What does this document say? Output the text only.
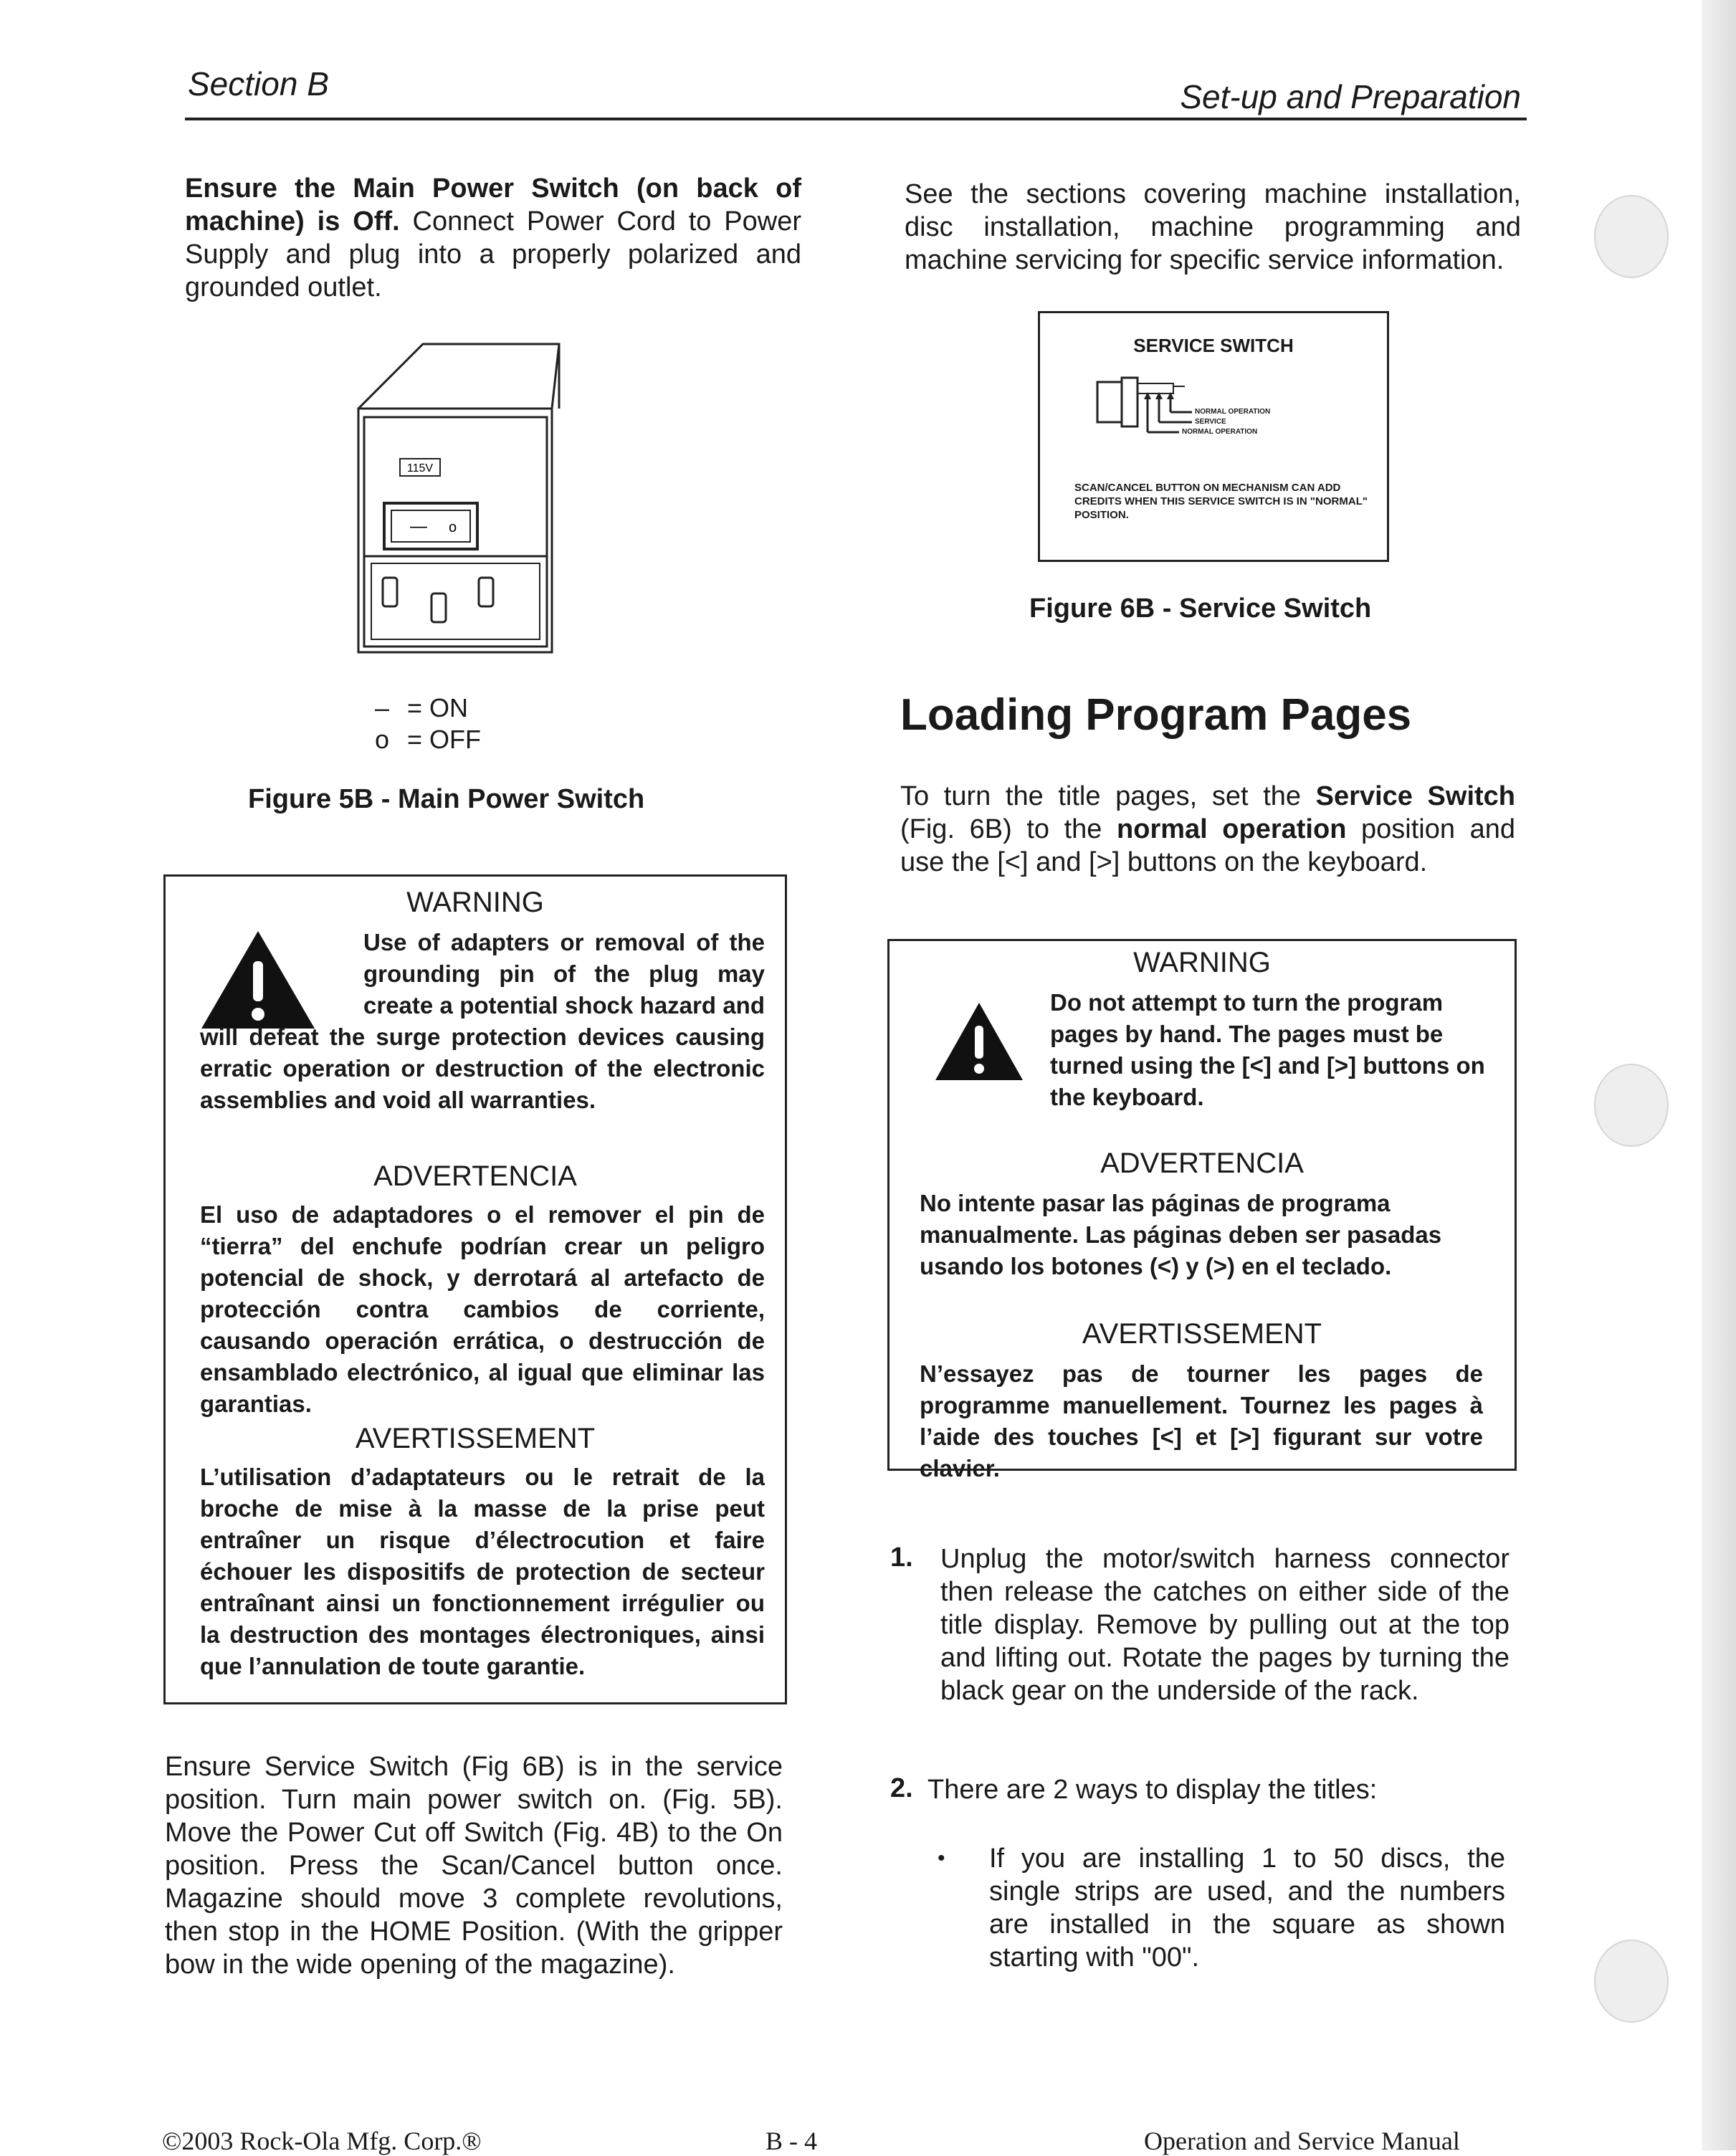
Section B	Set-up and Preparation

Ensure the Main Power Switch (on back of machine) is Off. Connect Power Cord to Power Supply and plug into a properly polarized and grounded outlet.

115V
— o
– = ON
o = OFF
Figure 5B - Main Power Switch
WARNING

Use of adapters or removal of the grounding pin of the plug may create a potential shock hazard and will defeat the surge protection devices causing erratic operation or destruction of the electronic assemblies and void all warranties.

ADVERTENCIA

El uso de adaptadores o el remover el pin de “tierra” del enchufe podrían crear un peligro potencial de shock, y derrotará al artefacto de protección contra cambios de corriente, causando operación errática, o destrucción de ensamblado electrónico, al igual que eliminar las garantias.

AVERTISSEMENT

L’utilisation d’adaptateurs ou le retrait de la broche de mise à la masse de la prise peut entraîner un risque d’électrocution et faire échouer les dispositifs de protection de secteur entraînant ainsi un fonctionnement irrégulier ou la destruction des montages électroniques, ainsi que l’annulation de toute garantie.

Ensure Service Switch (Fig 6B) is in the service position. Turn main power switch on. (Fig. 5B). Move the Power Cut off Switch (Fig. 4B) to the On position. Press the Scan/Cancel button once. Magazine should move 3 complete revolutions, then stop in the HOME Position. (With the gripper bow in the wide opening of the magazine).

See the sections covering machine installation, disc installation, machine programming and machine servicing for specific service information.

SERVICE SWITCH
NORMAL OPERATION
SERVICE
NORMAL OPERATION
SCAN/CANCEL BUTTON ON MECHANISM CAN ADD CREDITS WHEN THIS SERVICE SWITCH IS IN "NORMAL" POSITION.
Figure 6B - Service Switch
Loading Program Pages

To turn the title pages, set the Service Switch (Fig. 6B) to the normal operation position and use the [<] and [>] buttons on the keyboard.

WARNING

Do not attempt to turn the program pages by hand. The pages must be turned using the [<] and [>] buttons on the keyboard.

ADVERTENCIA

No intente pasar las páginas de programa manualmente. Las páginas deben ser pasadas usando los botones (<) y (>) en el teclado.

AVERTISSEMENT

N’essayez pas de tourner les pages de programme manuellement. Tournez les pages à l’aide des touches [<] et [>] figurant sur votre clavier.

1. Unplug the motor/switch harness connector then release the catches on either side of the title display. Remove by pulling out at the top and lifting out. Rotate the pages by turning the black gear on the underside of the rack.

2. There are 2 ways to display the titles:

• If you are installing 1 to 50 discs, the single strips are used, and the numbers are installed in the square as shown starting with "00".

©2003 Rock-Ola Mfg. Corp.®	B - 4	Operation and Service Manual
